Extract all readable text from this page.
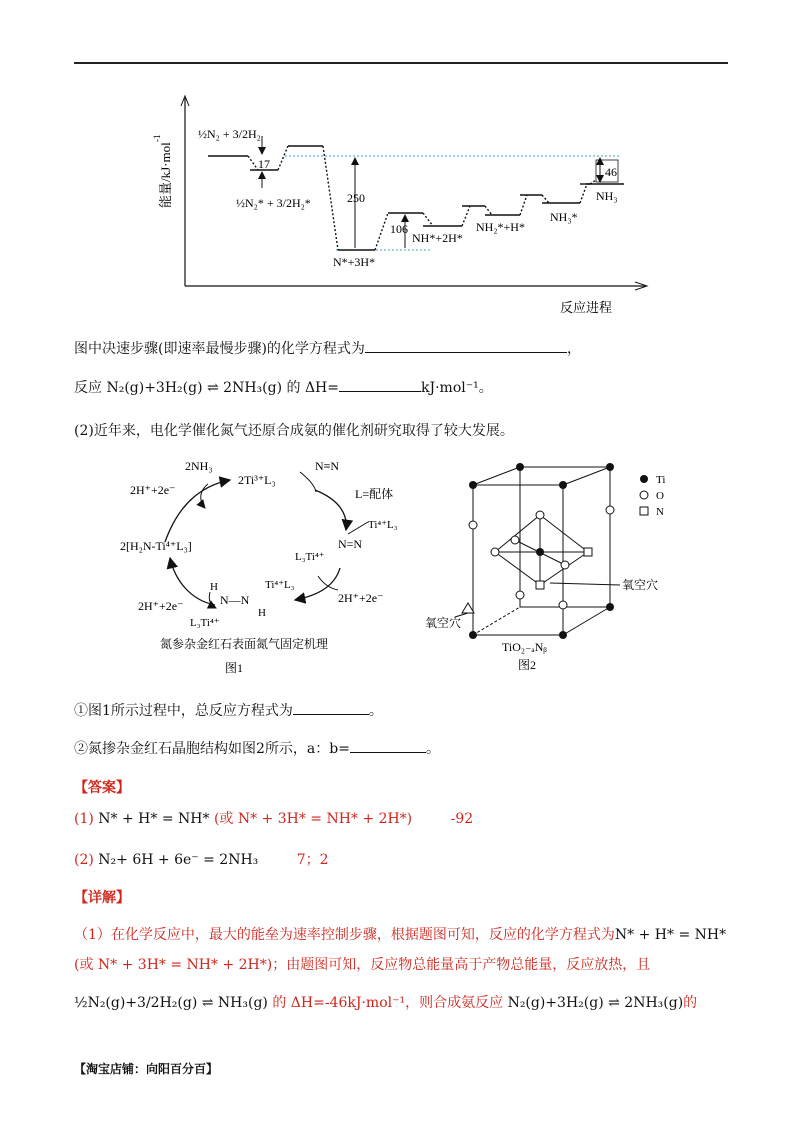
能量/kJ·mol
-1
反应进程
½N₂ + 3/2H₂
17
½N₂* + 3/2H₂*	250
N*+3H*
106
NH*+2H*
NH₂*+H*
NH₃*
46
NH₃
图中决速步骤(即速率最慢步骤)的化学方程式为	，
反应 N₂(g)+3H₂(g) ⇌ 2NH₃(g) 的 ΔH=	kJ·mol⁻¹。
(2)近年来，电化学催化氮气还原合成氨的催化剂研究取得了较大发展。
2NH₃
2H⁺+2e⁻
2Ti³⁺L₃
N≡N
L=配体
Ti⁴⁺L₃
N=N
L₃Ti⁴⁺
2[H₂N-Ti⁴⁺L₃]
2H⁺+2e⁻
2H⁺+2e⁻
H
N—N
H
Ti⁴⁺L₃
L₃Ti⁴⁺
氮参杂金红石表面氮气固定机理
图1
氧空穴
氧空穴
Ti
O
N
TiO₂₋ₐNᵦ
图2
①图1所示过程中，总反应方程式为	。
②氮掺杂金红石晶胞结构如图2所示，a：b=	。
【答案】
(1) N* + H* = NH* (或 N* + 3H* = NH* + 2H*)	-92
(2) N₂+ 6H + 6e⁻ = 2NH₃	7；2
【详解】
（1）在化学反应中，最大的能垒为速率控制步骤，根据题图可知，反应的化学方程式为N* + H* = NH*
(或 N* + 3H* = NH* + 2H*)；由题图可知，反应物总能量高于产物总能量，反应放热，且
½N₂(g)+3/2H₂(g) ⇌ NH₃(g) 的 ΔH=-46kJ·mol⁻¹，则合成氨反应 N₂(g)+3H₂(g) ⇌ 2NH₃(g)的
【淘宝店铺：向阳百分百】
